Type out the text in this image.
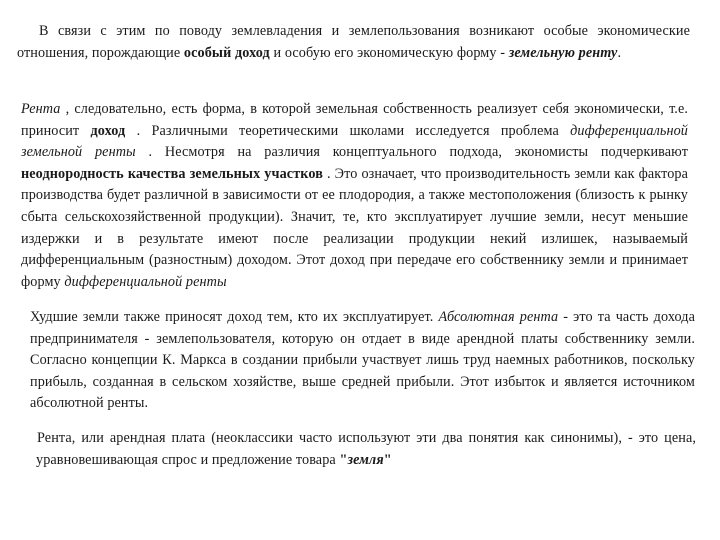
В связи с этим по поводу землевладения и землепользования возникают особые экономические отношения, порождающие особый доход и особую его экономическую форму - земельную ренту.

Рента , следовательно, есть форма, в которой земельная собственность реализует себя экономически, т.е. приносит доход . Различными теоретическими школами исследуется проблема дифференциальной земельной ренты . Несмотря на различия концептуального подхода, экономисты подчеркивают неоднородность качества земельных участков . Это означает, что производительность земли как фактора производства будет различной в зависимости от ее плодородия, а также местоположения (близость к рынку сбыта сельскохозяйственной продукции). Значит, те, кто эксплуатирует лучшие земли, несут меньшие издержки и в результате имеют после реализации продукции некий излишек, называемый дифференциальным (разностным) доходом. Этот доход при передаче его собственнику земли и принимает форму дифференциальной ренты

Худшие земли также приносят доход тем, кто их эксплуатирует. Абсолютная рента - это та часть дохода предпринимателя - землепользователя, которую он отдает в виде арендной платы собственнику земли. Согласно концепции К. Маркса в создании прибыли участвует лишь труд наемных работников, поскольку прибыль, созданная в сельском хозяйстве, выше средней прибыли. Этот избыток и является источником абсолютной ренты.

Рента, или арендная плата (неоклассики часто используют эти два понятия как синонимы), - это цена, уравновешивающая спрос и предложение товара "земля"
